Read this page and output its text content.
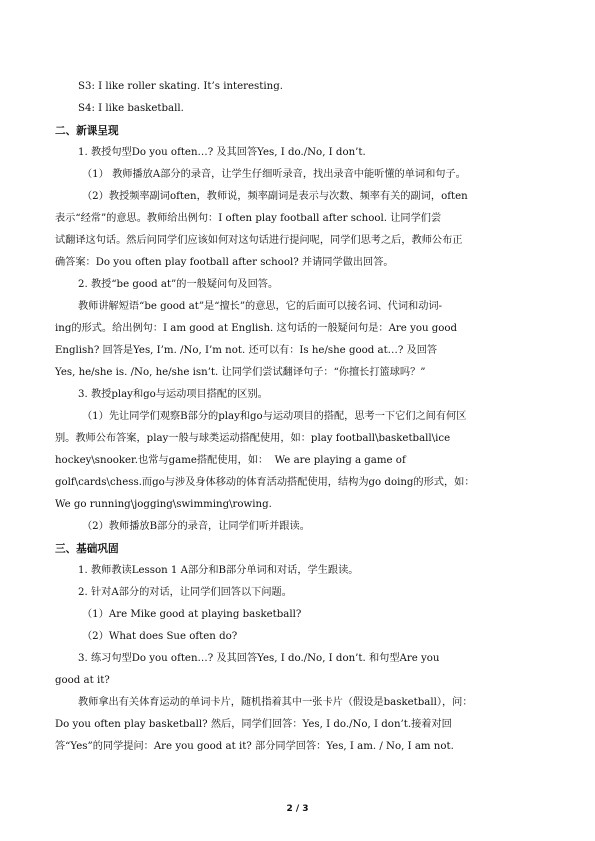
S3: I like roller skating. It’s interesting.
S4: I like basketball.
二、新课呈现
1. 教授句型Do you often…? 及其回答Yes, I do./No, I don’t.
（1） 教师播放A部分的录音，让学生仔细听录音，找出录音中能听懂的单词和句子。
（2）教授频率副词often，教师说，频率副词是表示与次数、频率有关的副词，often
表示“经常”的意思。教师给出例句：I often play football after school. 让同学们尝
试翻译这句话。然后问同学们应该如何对这句话进行提问呢，同学们思考之后，教师公布正
确答案：Do you often play football after school? 并请同学做出回答。
2. 教授“be good at”的一般疑问句及回答。
教师讲解短语“be good at”是“擅长”的意思，它的后面可以接名词、代词和动词-
ing的形式。给出例句：I am good at English. 这句话的一般疑问句是：Are you good
English? 回答是Yes, I’m. /No, I’m not. 还可以有：Is he/she good at…? 及回答
Yes, he/she is. /No, he/she isn’t. 让同学们尝试翻译句子：“你擅长打篮球吗？”
3. 教授play和go与运动项目搭配的区别。
（1）先让同学们观察B部分的play和go与运动项目的搭配，思考一下它们之间有何区
别。教师公布答案，play一般与球类运动搭配使用，如：play football\basketball\ice
hockey\snooker.也常与game搭配使用，如：  We are playing a game of
golf\cards\chess.而go与涉及身体移动的体育活动搭配使用，结构为go doing的形式，如：
We go running\jogging\swimming\rowing.
（2）教师播放B部分的录音，让同学们听并跟读。
三、基础巩固
1. 教师教读Lesson 1 A部分和B部分单词和对话，学生跟读。
2. 针对A部分的对话，让同学们回答以下问题。
（1）Are Mike good at playing basketball?
（2）What does Sue often do?
3. 练习句型Do you often…? 及其回答Yes, I do./No, I don’t. 和句型Are you
good at it?
教师拿出有关体育运动的单词卡片，随机指着其中一张卡片（假设是basketball），问：
Do you often play basketball? 然后，同学们回答：Yes, I do./No, I don’t.接着对回
答“Yes”的同学提问：Are you good at it? 部分同学回答：Yes, I am. / No, I am not.
2 / 3
